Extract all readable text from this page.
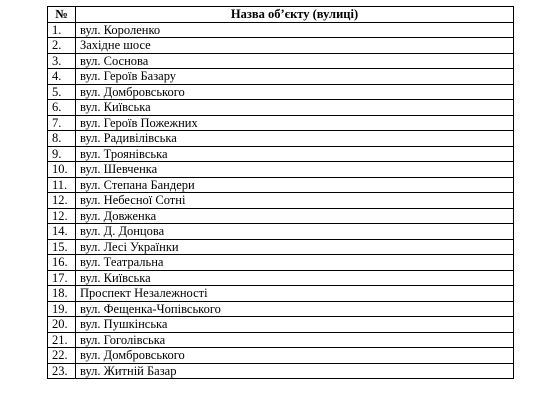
№	Назва об’єкту (вулиці)
1.	вул. Короленко
2.	Західне шосе
3.	вул. Соснова
4.	вул. Героїв Базару
5.	вул. Домбровського
6.	вул. Київська
7.	вул. Героїв Пожежних
8.	вул. Радивілівська
9.	вул. Троянівська
10.	вул. Шевченка
11.	вул. Степана Бандери
12.	вул. Небесної Сотні
12.	вул. Довженка
14.	вул. Д. Донцова
15.	вул. Лесі Українки
16.	вул. Театральна
17.	вул. Київська
18.	Проспект Незалежності
19.	вул. Фещенка-Чопівського
20.	вул. Пушкінська
21.	вул. Гоголівська
22.	вул. Домбровського
23.	вул. Житній Базар
